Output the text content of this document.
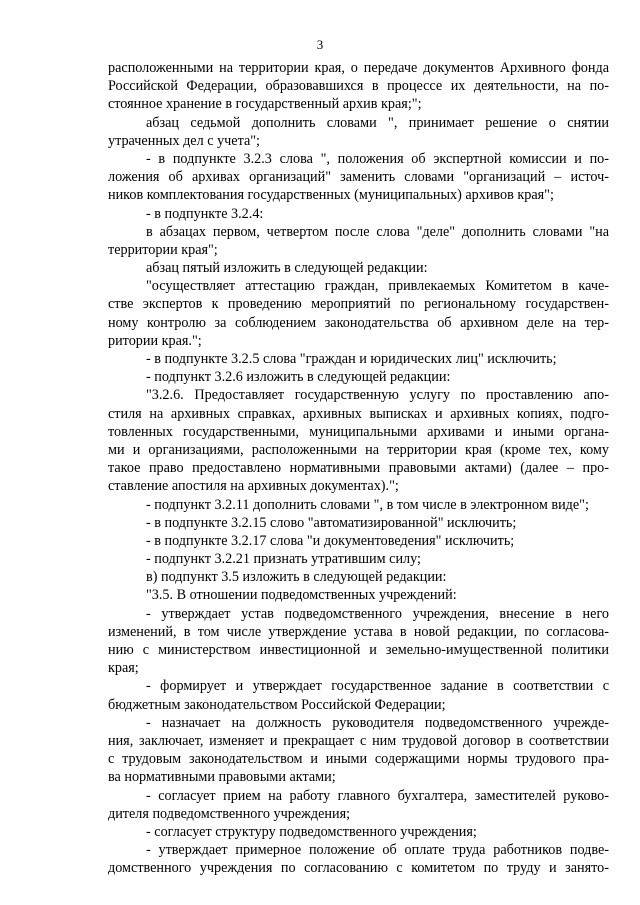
3
расположенными на территории края, о передаче документов Архивного фонда
Российской Федерации, образовавшихся в процессе их деятельности, на по-
стоянное хранение в государственный архив края;";
абзац седьмой дополнить словами ", принимает решение о снятии
утраченных дел с учета";
- в подпункте 3.2.3 слова ", положения об экспертной комиссии и по-
ложения об архивах организаций" заменить словами "организаций – источ-
ников комплектования государственных (муниципальных) архивов края";
- в подпункте 3.2.4:
в абзацах первом, четвертом после слова "деле" дополнить словами "на
территории края";
абзац пятый изложить в следующей редакции:
"осуществляет аттестацию граждан, привлекаемых Комитетом в каче-
стве экспертов к проведению мероприятий по региональному государствен-
ному контролю за соблюдением законодательства об архивном деле на тер-
ритории края.";
- в подпункте 3.2.5 слова "граждан и юридических лиц" исключить;
- подпункт 3.2.6 изложить в следующей редакции:
"3.2.6. Предоставляет государственную услугу по проставлению апо-
стиля на архивных справках, архивных выписках и архивных копиях, подго-
товленных государственными, муниципальными архивами и иными органа-
ми и организациями, расположенными на территории края (кроме тех, кому
такое право предоставлено нормативными правовыми актами) (далее – про-
ставление апостиля на архивных документах).";
- подпункт 3.2.11 дополнить словами ", в том числе в электронном виде";
- в подпункте 3.2.15 слово "автоматизированной" исключить;
- в подпункте 3.2.17 слова "и документоведения" исключить;
- подпункт 3.2.21 признать утратившим силу;
в) подпункт 3.5 изложить в следующей редакции:
"3.5. В отношении подведомственных учреждений:
- утверждает устав подведомственного учреждения, внесение в него
изменений, в том числе утверждение устава в новой редакции, по согласова-
нию с министерством инвестиционной и земельно-имущественной политики
края;
- формирует и утверждает государственное задание в соответствии с
бюджетным законодательством Российской Федерации;
- назначает на должность руководителя подведомственного учрежде-
ния, заключает, изменяет и прекращает с ним трудовой договор в соответствии
с трудовым законодательством и иными содержащими нормы трудового пра-
ва нормативными правовыми актами;
- согласует прием на работу главного бухгалтера, заместителей руково-
дителя подведомственного учреждения;
- согласует структуру подведомственного учреждения;
- утверждает примерное положение об оплате труда работников подве-
домственного учреждения по согласованию с комитетом по труду и занято-
